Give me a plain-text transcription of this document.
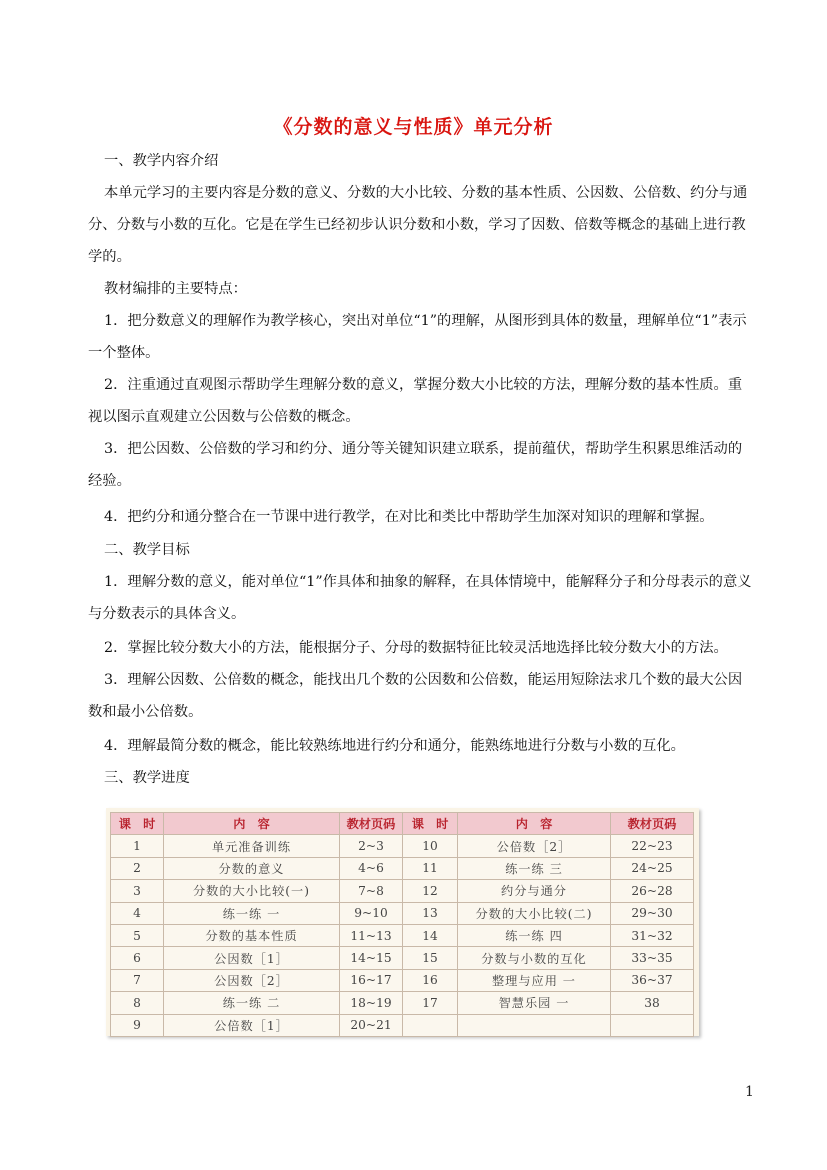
《分数的意义与性质》单元分析

一、教学内容介绍

本单元学习的主要内容是分数的意义、分数的大小比较、分数的基本性质、公因数、公倍数、约分与通分、分数与小数的互化。它是在学生已经初步认识分数和小数，学习了因数、倍数等概念的基础上进行教学的。

教材编排的主要特点：

1．把分数意义的理解作为教学核心，突出对单位“1”的理解，从图形到具体的数量，理解单位“1”表示一个整体。

2．注重通过直观图示帮助学生理解分数的意义，掌握分数大小比较的方法，理解分数的基本性质。重视以图示直观建立公因数与公倍数的概念。

3．把公因数、公倍数的学习和约分、通分等关键知识建立联系，提前蕴伏，帮助学生积累思维活动的经验。

4．把约分和通分整合在一节课中进行教学，在对比和类比中帮助学生加深对知识的理解和掌握。

二、教学目标

1．理解分数的意义，能对单位“1”作具体和抽象的解释，在具体情境中，能解释分子和分母表示的意义与分数表示的具体含义。

2．掌握比较分数大小的方法，能根据分子、分母的数据特征比较灵活地选择比较分数大小的方法。

3．理解公因数、公倍数的概念，能找出几个数的公因数和公倍数，能运用短除法求几个数的最大公因数和最小公倍数。

4．理解最简分数的概念，能比较熟练地进行约分和通分，能熟练地进行分数与小数的互化。

三、教学进度

课　时	内　容	教材页码	课　时	内　容	教材页码
1	单元准备训练	2~3	10	公倍数［2］	22~23
2	分数的意义	4~6	11	练一练 三	24~25
3	分数的大小比较(一)	7~8	12	约分与通分	26~28
4	练一练 一	9~10	13	分数的大小比较(二)	29~30
5	分数的基本性质	11~13	14	练一练 四	31~32
6	公因数［1］	14~15	15	分数与小数的互化	33~35
7	公因数［2］	16~17	16	整理与应用 一	36~37
8	练一练 二	18~19	17	智慧乐园 一	38
9	公倍数［1］	20~21			
1
